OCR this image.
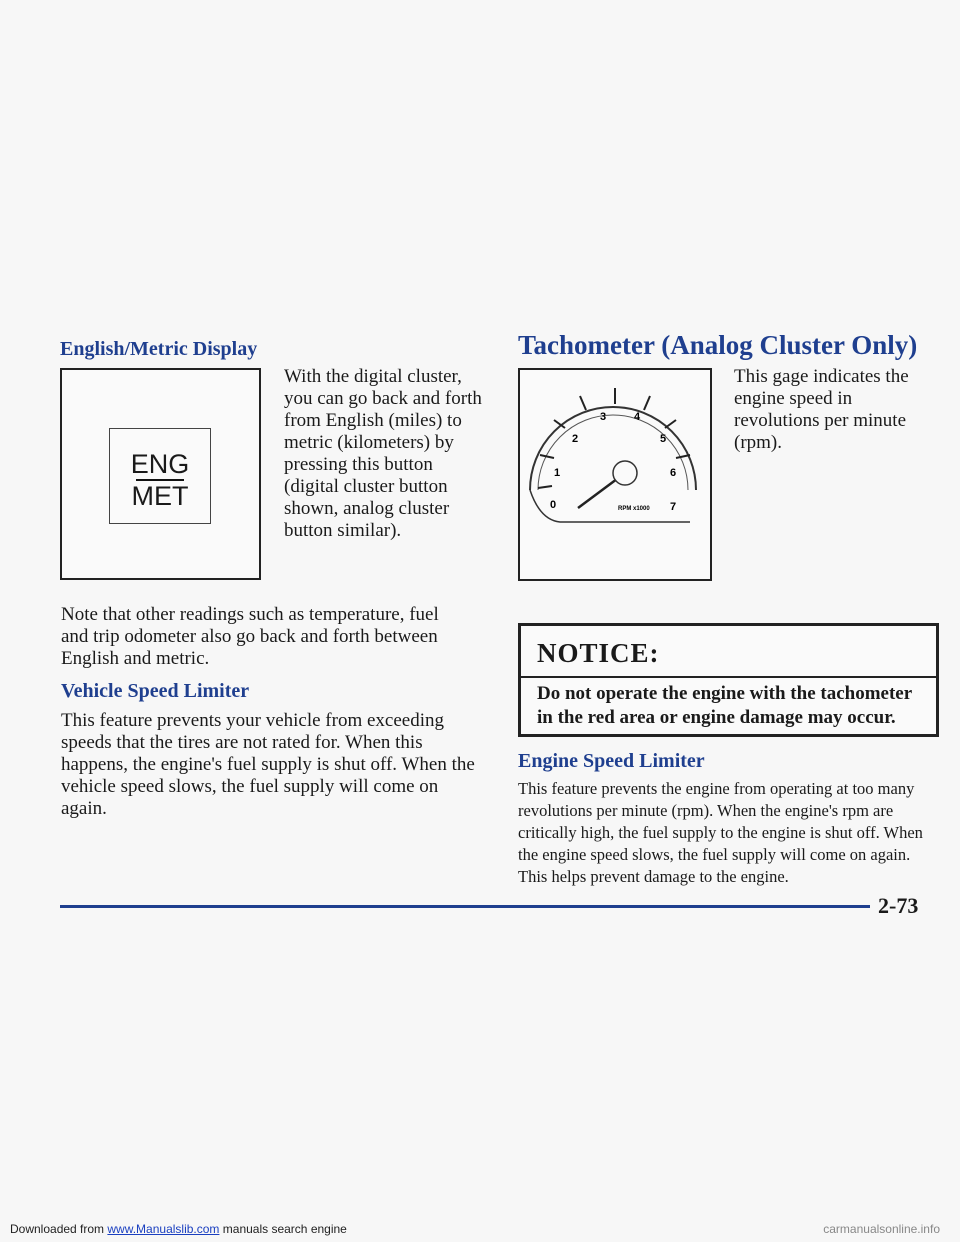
English/Metric Display
ENG
MET
With the digital cluster, you can go back and forth from English (miles) to metric (kilometers) by pressing this button (digital cluster button shown, analog cluster button similar).
Note that other readings such as temperature, fuel and trip odometer also go back and forth between English and metric.
Vehicle Speed Limiter
This feature prevents your vehicle from exceeding speeds that the tires are not rated for. When this happens, the engine's fuel supply is shut off. When the vehicle speed slows, the fuel supply will come on again.
Tachometer (Analog Cluster Only)
0
1
2
3	4
5
6
7
RPM x1000
This gage indicates the engine speed in revolutions per minute (rpm).
NOTICE:
Do not operate the engine with the tachometer in the red area or engine damage may occur.
Engine Speed Limiter
This feature prevents the engine from operating at too many revolutions per minute (rpm). When the engine's rpm are critically high, the fuel supply to the engine is shut off. When the engine speed slows, the fuel supply will come on again. This helps prevent damage to the engine.
2-73
Downloaded from www.Manualslib.com manuals search engine	carmanualsonline.info
